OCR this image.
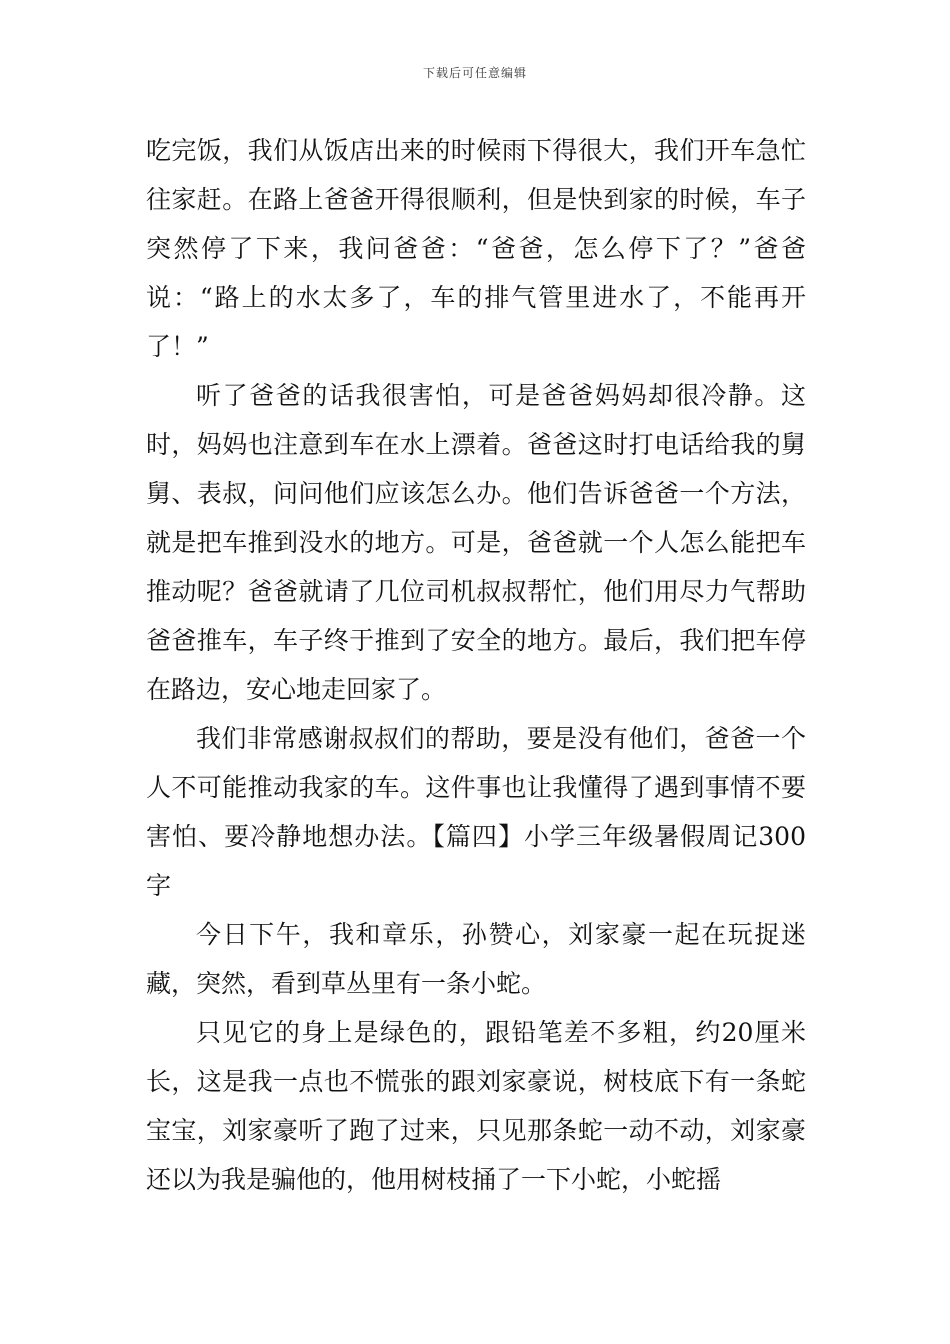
下载后可任意编辑

吃完饭，我们从饭店出来的时候雨下得很大，我们开车急忙往家赶。在路上爸爸开得很顺利，但是快到家的时候，车子突然停了下来，我问爸爸：“爸爸，怎么停下了？”爸爸说：“路上的水太多了，车的排气管里进水了，不能再开了！”

听了爸爸的话我很害怕，可是爸爸妈妈却很冷静。这时，妈妈也注意到车在水上漂着。爸爸这时打电话给我的舅舅、表叔，问问他们应该怎么办。他们告诉爸爸一个方法，就是把车推到没水的地方。可是，爸爸就一个人怎么能把车推动呢？爸爸就请了几位司机叔叔帮忙，他们用尽力气帮助爸爸推车，车子终于推到了安全的地方。最后，我们把车停在路边，安心地走回家了。

我们非常感谢叔叔们的帮助，要是没有他们，爸爸一个人不可能推动我家的车。这件事也让我懂得了遇到事情不要害怕、要冷静地想办法。【篇四】小学三年级暑假周记300字

今日下午，我和章乐，孙赞心，刘家豪一起在玩捉迷藏，突然，看到草丛里有一条小蛇。

只见它的身上是绿色的，跟铅笔差不多粗，约20厘米长，这是我一点也不慌张的跟刘家豪说，树枝底下有一条蛇宝宝，刘家豪听了跑了过来，只见那条蛇一动不动，刘家豪还以为我是骗他的，他用树枝捅了一下小蛇，小蛇摇
